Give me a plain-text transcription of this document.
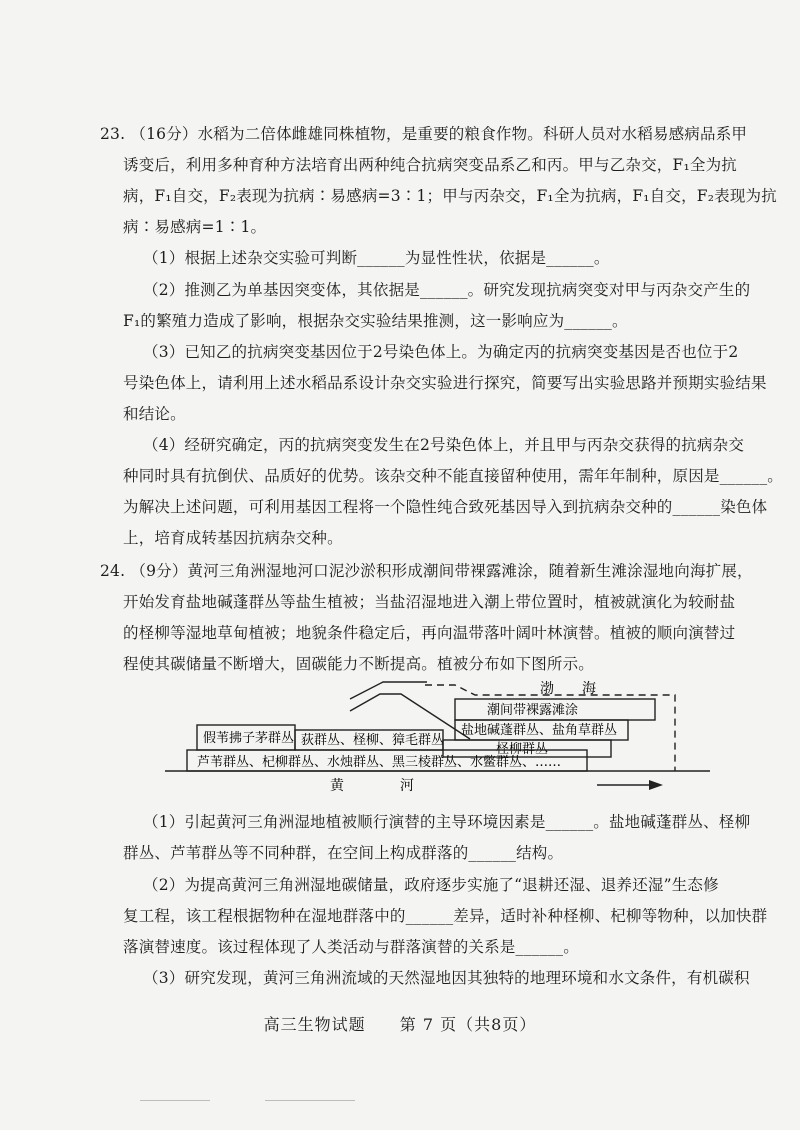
23. （16分）水稻为二倍体雌雄同株植物，是重要的粮食作物。科研人员对水稻易感病品系甲
诱变后，利用多种育种方法培育出两种纯合抗病突变品系乙和丙。甲与乙杂交，F₁全为抗
病，F₁自交，F₂表现为抗病∶易感病=3∶1；甲与丙杂交，F₁全为抗病，F₁自交，F₂表现为抗
病∶易感病=1∶1。
（1）根据上述杂交实验可判断______为显性性状，依据是______。
（2）推测乙为单基因突变体，其依据是______。研究发现抗病突变对甲与丙杂交产生的
F₁的繁殖力造成了影响，根据杂交实验结果推测，这一影响应为______。
（3）已知乙的抗病突变基因位于2号染色体上。为确定丙的抗病突变基因是否也位于2
号染色体上，请利用上述水稻品系设计杂交实验进行探究，简要写出实验思路并预期实验结果
和结论。
（4）经研究确定，丙的抗病突变发生在2号染色体上，并且甲与丙杂交获得的抗病杂交
种同时具有抗倒伏、品质好的优势。该杂交种不能直接留种使用，需年年制种，原因是______。
为解决上述问题，可利用基因工程将一个隐性纯合致死基因导入到抗病杂交种的______染色体
上，培育成转基因抗病杂交种。
24. （9分）黄河三角洲湿地河口泥沙淤积形成潮间带裸露滩涂，随着新生滩涂湿地向海扩展，
开始发育盐地碱蓬群丛等盐生植被；当盐沼湿地进入潮上带位置时，植被就演化为较耐盐
的柽柳等湿地草甸植被；地貌条件稳定后，再向温带落叶阔叶林演替。植被的顺向演替过
程使其碳储量不断增大，固碳能力不断提高。植被分布如下图所示。
渤　　海
潮间带裸露滩涂
盐地碱蓬群丛、盐角草群丛
假苇拂子茅群丛 荻群丛、柽柳、獐毛群丛
柽柳群丛
芦苇群丛、杞柳群丛、水烛群丛、黑三棱群丛、水鳖群丛、……
黄　　　　河
（1）引起黄河三角洲湿地植被顺行演替的主导环境因素是______。盐地碱蓬群丛、柽柳
群丛、芦苇群丛等不同种群，在空间上构成群落的______结构。
（2）为提高黄河三角洲湿地碳储量，政府逐步实施了“退耕还湿、退养还湿”生态修
复工程，该工程根据物种在湿地群落中的______差异，适时补种柽柳、杞柳等物种，以加快群
落演替速度。该过程体现了人类活动与群落演替的关系是______。
（3）研究发现，黄河三角洲流域的天然湿地因其独特的地理环境和水文条件，有机碳积
高三生物试题 第 7 页（共8页）
